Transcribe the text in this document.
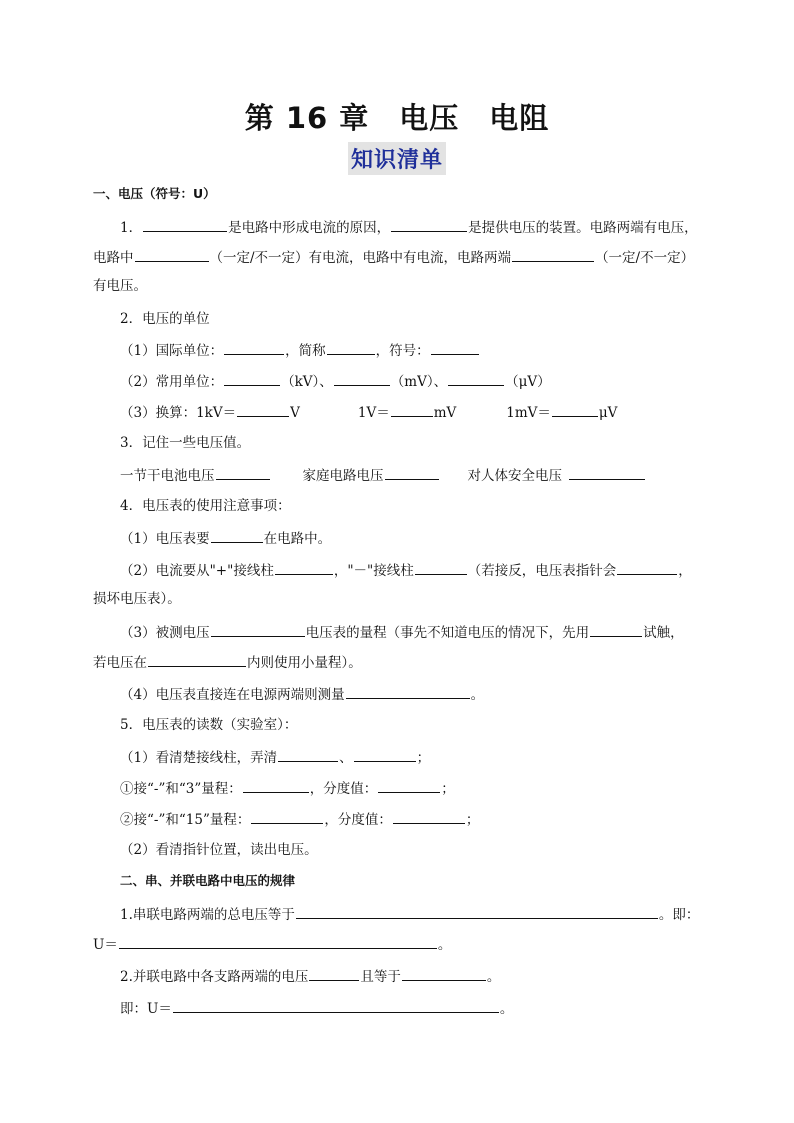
第 16 章　电压　电阻
知识清单
一、电压（符号：U）
1．	是电路中形成电流的原因，	是提供电压的装置。电路两端有电压，
电路中	（一定/不一定）有电流，电路中有电流，电路两端	（一定/不一定）
有电压。
2．电压的单位
（1）国际单位：	，简称	，符号：
（2）常用单位：	（kV）、	（mV）、	（μV）
（3）换算：1kV＝	V	1V＝	mV	1mV＝	μV
3．记住一些电压值。
一节干电池电压	家庭电路电压	对人体安全电压
4．电压表的使用注意事项：
（1）电压表要	在电路中。
（2）电流要从"+"接线柱	，"－"接线柱	（若接反，电压表指针会	，
损坏电压表）。
（3）被测电压	电压表的量程（事先不知道电压的情况下，先用	试触，
若电压在	内则使用小量程）。
（4）电压表直接连在电源两端则测量	。
5．电压表的读数（实验室）：
（1）看清楚接线柱，弄清	、	；
①接“-”和“3”量程：	，分度值：	；
②接“-”和“15”量程：	，分度值：	；
（2）看清指针位置，读出电压。
二、串、并联电路中电压的规律
1.串联电路两端的总电压等于	。即：
U＝	。
2.并联电路中各支路两端的电压	且等于	。
即：U＝	。
